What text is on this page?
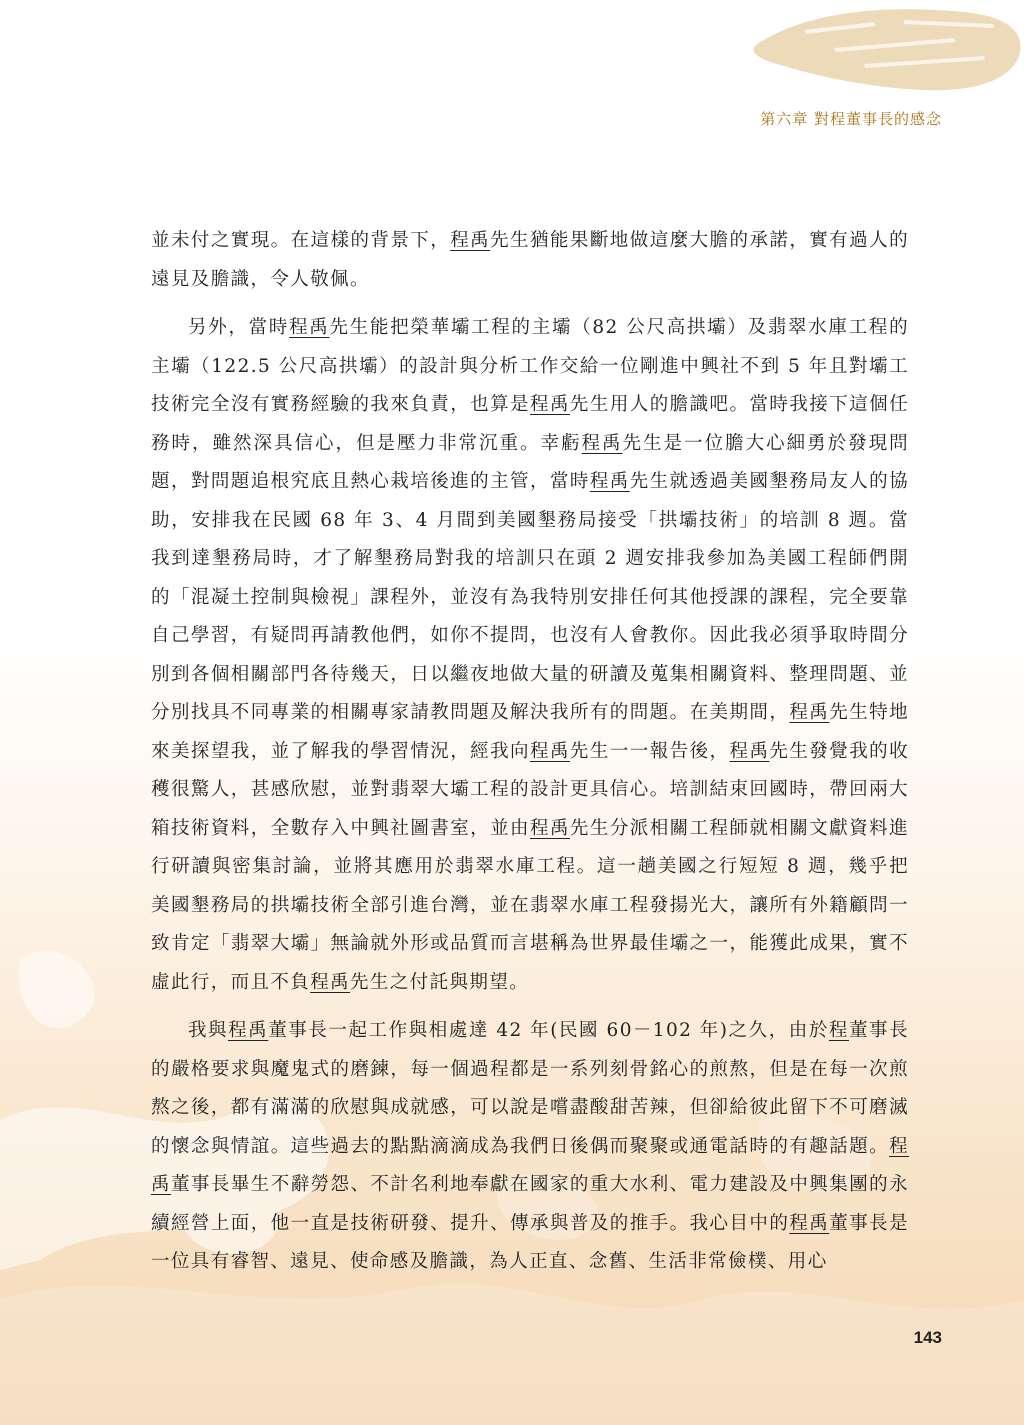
第六章 對程董事長的感念

並未付之實現。在這樣的背景下，程禹先生猶能果斷地做這麼大膽的承諾，實有過人的遠見及膽識，令人敬佩。

另外，當時程禹先生能把榮華壩工程的主壩（82 公尺高拱壩）及翡翠水庫工程的主壩（122.5 公尺高拱壩）的設計與分析工作交給一位剛進中興社不到 5 年且對壩工技術完全沒有實務經驗的我來負責，也算是程禹先生用人的膽識吧。當時我接下這個任務時，雖然深具信心，但是壓力非常沉重。幸虧程禹先生是一位膽大心細勇於發現問題，對問題追根究底且熱心栽培後進的主管，當時程禹先生就透過美國墾務局友人的協助，安排我在民國 68 年 3、4 月間到美國墾務局接受「拱壩技術」的培訓 8 週。當我到達墾務局時，才了解墾務局對我的培訓只在頭 2 週安排我參加為美國工程師們開的「混凝土控制與檢視」課程外，並沒有為我特別安排任何其他授課的課程，完全要靠自己學習，有疑問再請教他們，如你不提問，也沒有人會教你。因此我必須爭取時間分別到各個相關部門各待幾天，日以繼夜地做大量的研讀及蒐集相關資料、整理問題、並分別找具不同專業的相關專家請教問題及解決我所有的問題。在美期間，程禹先生特地來美探望我，並了解我的學習情況，經我向程禹先生一一報告後，程禹先生發覺我的收穫很驚人，甚感欣慰，並對翡翠大壩工程的設計更具信心。培訓結束回國時，帶回兩大箱技術資料，全數存入中興社圖書室，並由程禹先生分派相關工程師就相關文獻資料進行研讀與密集討論，並將其應用於翡翠水庫工程。這一趟美國之行短短 8 週，幾乎把美國墾務局的拱壩技術全部引進台灣，並在翡翠水庫工程發揚光大，讓所有外籍顧問一致肯定「翡翠大壩」無論就外形或品質而言堪稱為世界最佳壩之一，能獲此成果，實不虛此行，而且不負程禹先生之付託與期望。

我與程禹董事長一起工作與相處達 42 年(民國 60－102 年)之久，由於程董事長的嚴格要求與魔鬼式的磨鍊，每一個過程都是一系列刻骨銘心的煎熬，但是在每一次煎熬之後，都有滿滿的欣慰與成就感，可以說是嚐盡酸甜苦辣，但卻給彼此留下不可磨滅的懷念與情誼。這些過去的點點滴滴成為我們日後偶而聚聚或通電話時的有趣話題。程禹董事長畢生不辭勞怨、不計名利地奉獻在國家的重大水利、電力建設及中興集團的永續經營上面，他一直是技術研發、提升、傳承與普及的推手。我心目中的程禹董事長是一位具有睿智、遠見、使命感及膽識，為人正直、念舊、生活非常儉樸、用心

143
